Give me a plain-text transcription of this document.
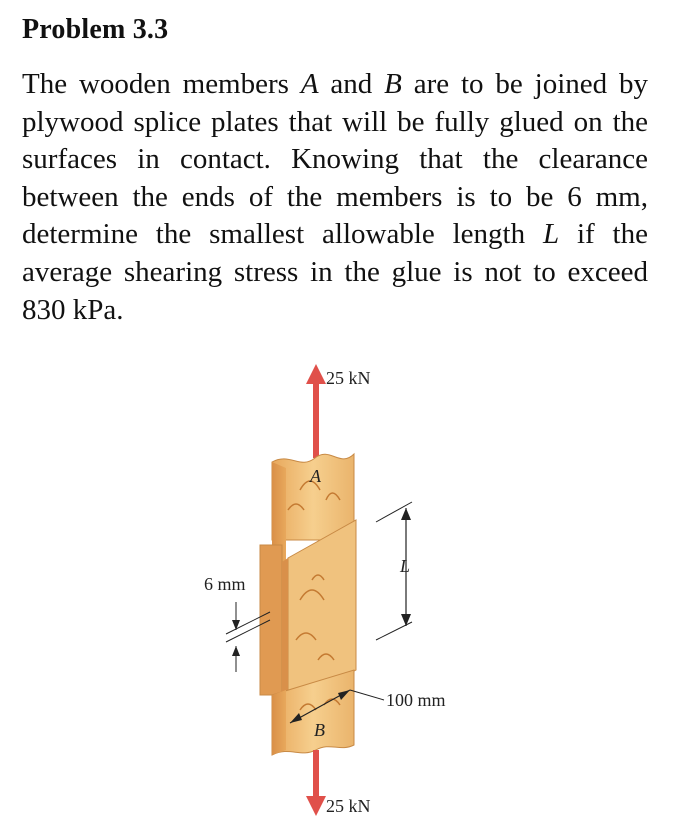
Problem 3.3
The wooden members A and B are to be joined by plywood splice plates that will be fully glued on the surfaces in contact. Knowing that the clearance between the ends of the members is to be 6 mm, determine the smallest allowable length L if the average shearing stress in the glue is not to exceed 830 kPa.
25 kN
A
B
100 mm
L
6 mm
25 kN
